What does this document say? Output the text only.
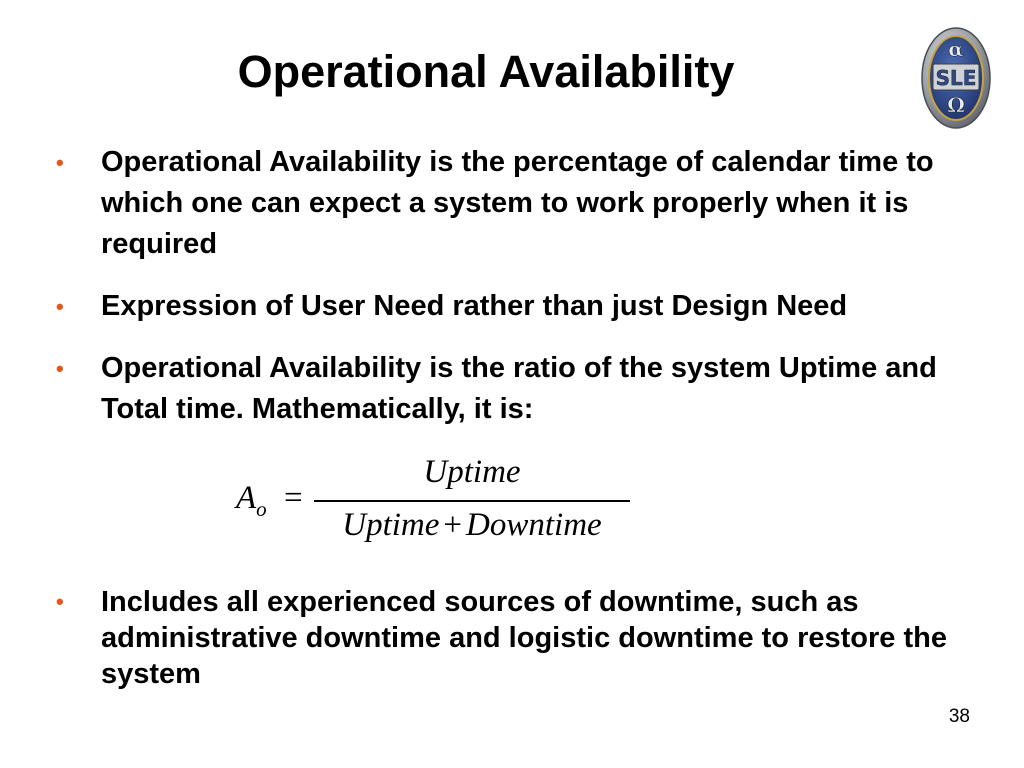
Operational Availability	α
SLE
Ω
• Operational Availability is the percentage of calendar time to which one can expect a system to work properly when it is required
• Expression of User Need rather than just Design Need
• Operational Availability is the ratio of the system Uptime and Total time. Mathematically, it is:
$A_o$ =
Uptime
Uptime + Downtime
• Includes all experienced sources of downtime, such as administrative downtime and logistic downtime to restore the system
38
